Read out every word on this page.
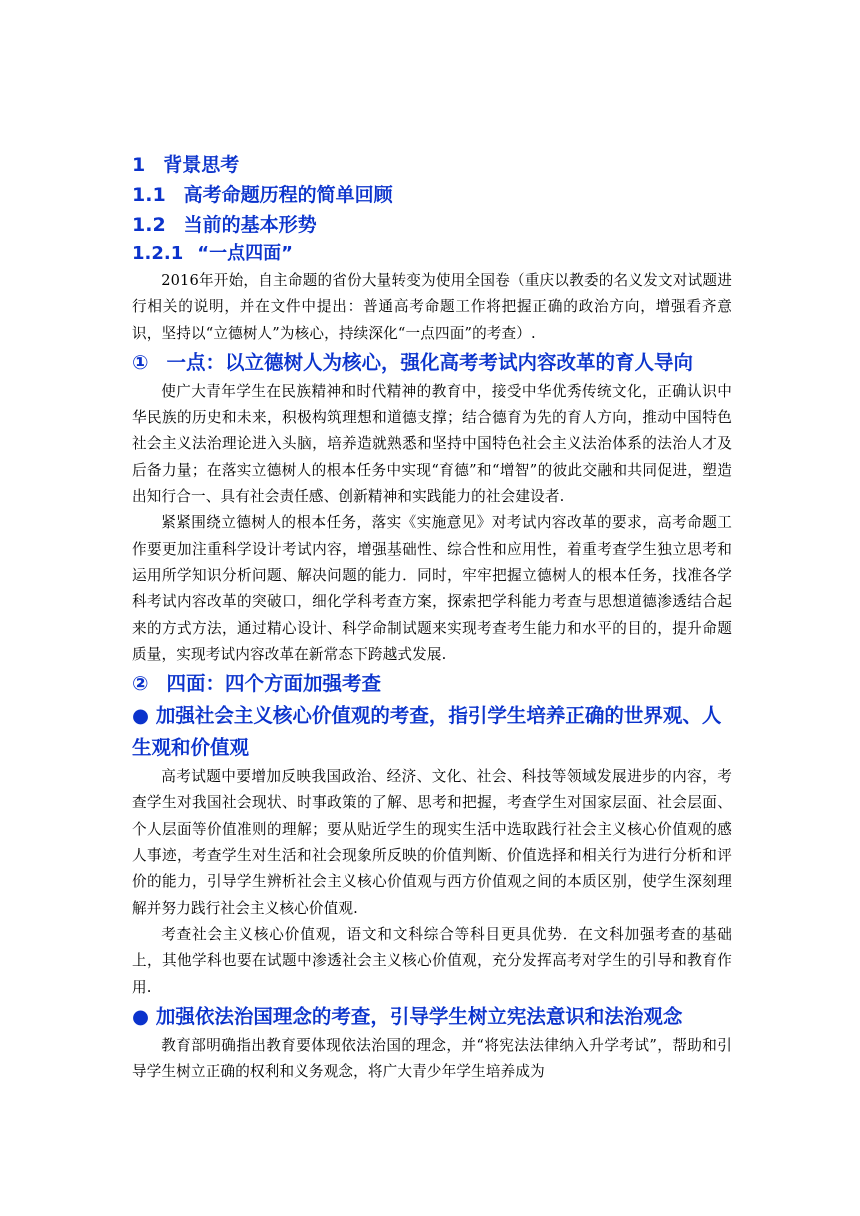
1 背景思考
1.1 高考命题历程的简单回顾
1.2 当前的基本形势
1.2.1 “一点四面”

2016年开始，自主命题的省份大量转变为使用全国卷（重庆以教委的名义发文对试题进行相关的说明，并在文件中提出：普通高考命题工作将把握正确的政治方向，增强看齐意识，坚持以“立德树人”为核心，持续深化“一点四面”的考查）.

① 一点：以立德树人为核心，强化高考考试内容改革的育人导向

使广大青年学生在民族精神和时代精神的教育中，接受中华优秀传统文化，正确认识中华民族的历史和未来，积极构筑理想和道德支撑；结合德育为先的育人方向，推动中国特色社会主义法治理论进入头脑，培养造就熟悉和坚持中国特色社会主义法治体系的法治人才及后备力量；在落实立德树人的根本任务中实现“育德”和“增智”的彼此交融和共同促进，塑造出知行合一、具有社会责任感、创新精神和实践能力的社会建设者.

紧紧围绕立德树人的根本任务，落实《实施意见》对考试内容改革的要求，高考命题工作要更加注重科学设计考试内容，增强基础性、综合性和应用性，着重考查学生独立思考和运用所学知识分析问题、解决问题的能力．同时，牢牢把握立德树人的根本任务，找准各学科考试内容改革的突破口，细化学科考查方案，探索把学科能力考查与思想道德渗透结合起来的方式方法，通过精心设计、科学命制试题来实现考查考生能力和水平的目的，提升命题质量，实现考试内容改革在新常态下跨越式发展.

② 四面：四个方面加强考查
● 加强社会主义核心价值观的考查，指引学生培养正确的世界观、人生观和价值观

高考试题中要增加反映我国政治、经济、文化、社会、科技等领域发展进步的内容，考查学生对我国社会现状、时事政策的了解、思考和把握，考查学生对国家层面、社会层面、个人层面等价值准则的理解；要从贴近学生的现实生活中选取践行社会主义核心价值观的感人事迹，考查学生对生活和社会现象所反映的价值判断、价值选择和相关行为进行分析和评价的能力，引导学生辨析社会主义核心价值观与西方价值观之间的本质区别，使学生深刻理解并努力践行社会主义核心价值观.

考查社会主义核心价值观，语文和文科综合等科目更具优势．在文科加强考查的基础上，其他学科也要在试题中渗透社会主义核心价值观，充分发挥高考对学生的引导和教育作用.

● 加强依法治国理念的考查，引导学生树立宪法意识和法治观念

教育部明确指出教育要体现依法治国的理念，并“将宪法法律纳入升学考试”，帮助和引导学生树立正确的权利和义务观念，将广大青少年学生培养成为
